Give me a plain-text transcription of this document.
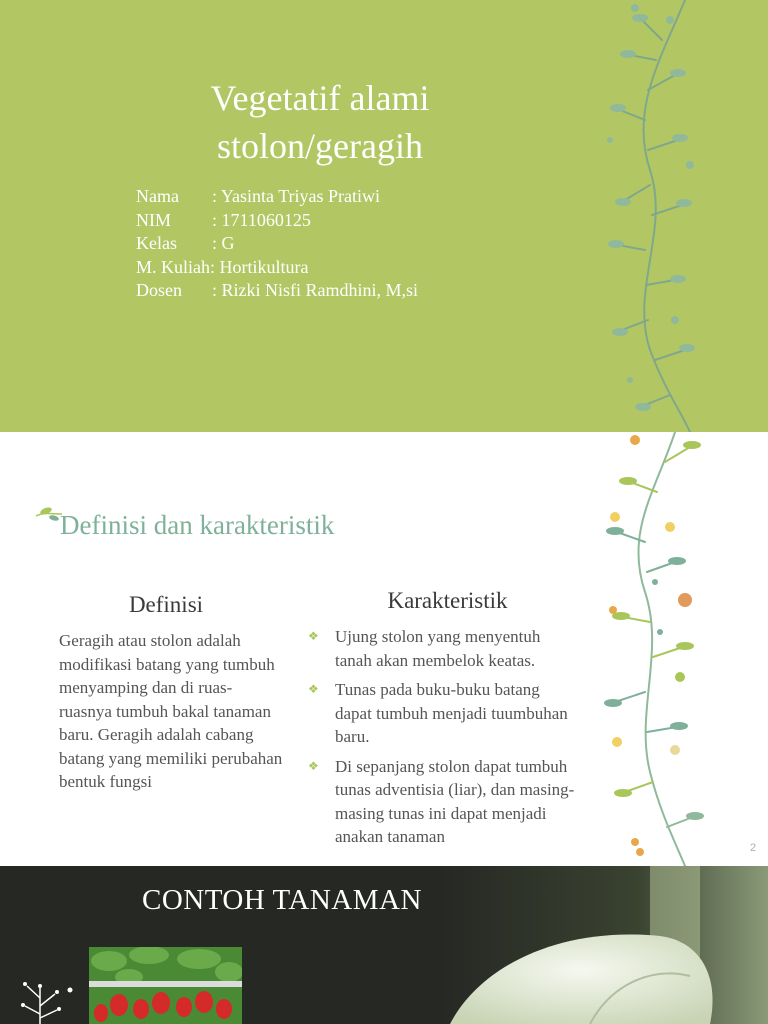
Vegetatif alami
stolon/geragih
Nama : Yasinta Triyas Pratiwi
NIM : 1711060125
Kelas : G
M. Kuliah: Hortikultura
Dosen : Rizki Nisfi Ramdhini, M,si
Definisi dan karakteristik
Definisi
Geragih atau stolon adalah modifikasi batang yang tumbuh menyamping dan di ruas-ruasnya tumbuh bakal tanaman baru. Geragih adalah cabang batang yang memiliki perubahan bentuk fungsi
Karakteristik
❖ Ujung stolon yang menyentuh tanah akan membelok keatas.
❖ Tunas pada buku-buku batang dapat tumbuh menjadi tuumbuhan baru.
❖ Di sepanjang stolon dapat tumbuh tunas adventisia (liar), dan masing-masing tunas ini dapat menjadi anakan tanaman
2
CONTOH TANAMAN
